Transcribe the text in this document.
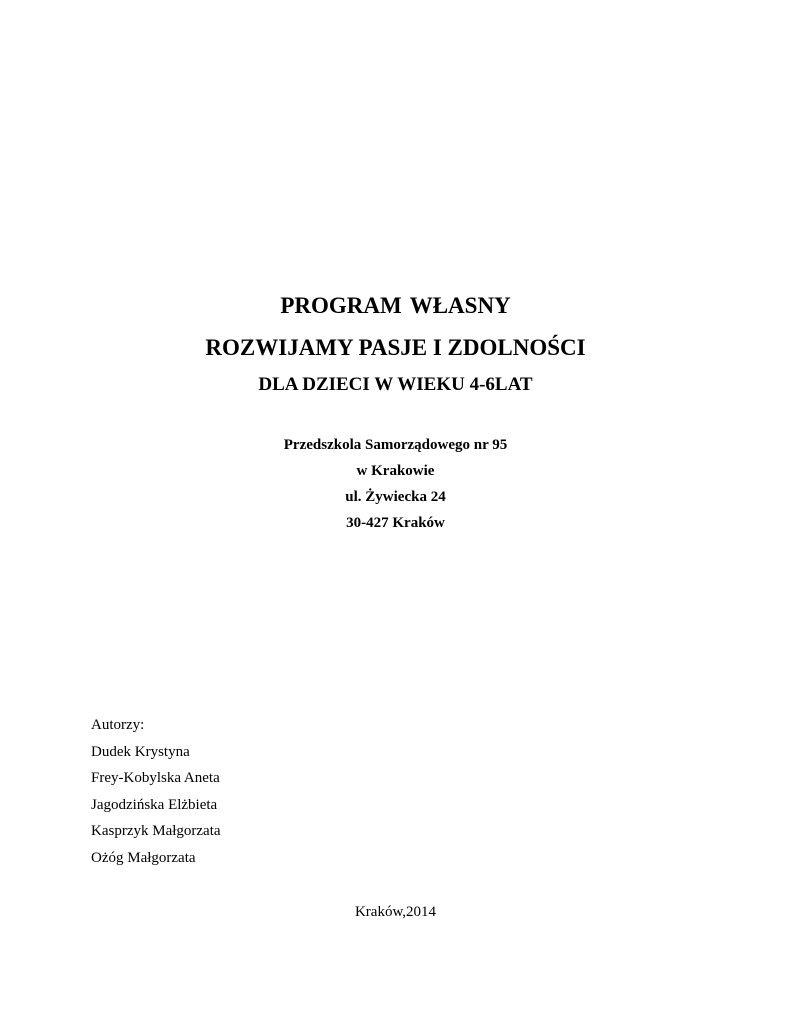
PROGRAM WŁASNY
ROZWIJAMY PASJE I ZDOLNOŚCI
DLA DZIECI W WIEKU 4-6LAT
Przedszkola Samorządowego nr 95
w Krakowie
ul. Żywiecka 24
30-427 Kraków
Autorzy:
Dudek Krystyna
Frey-Kobylska Aneta
Jagodzińska Elżbieta
Kasprzyk Małgorzata
Ożóg Małgorzata
Kraków,2014
